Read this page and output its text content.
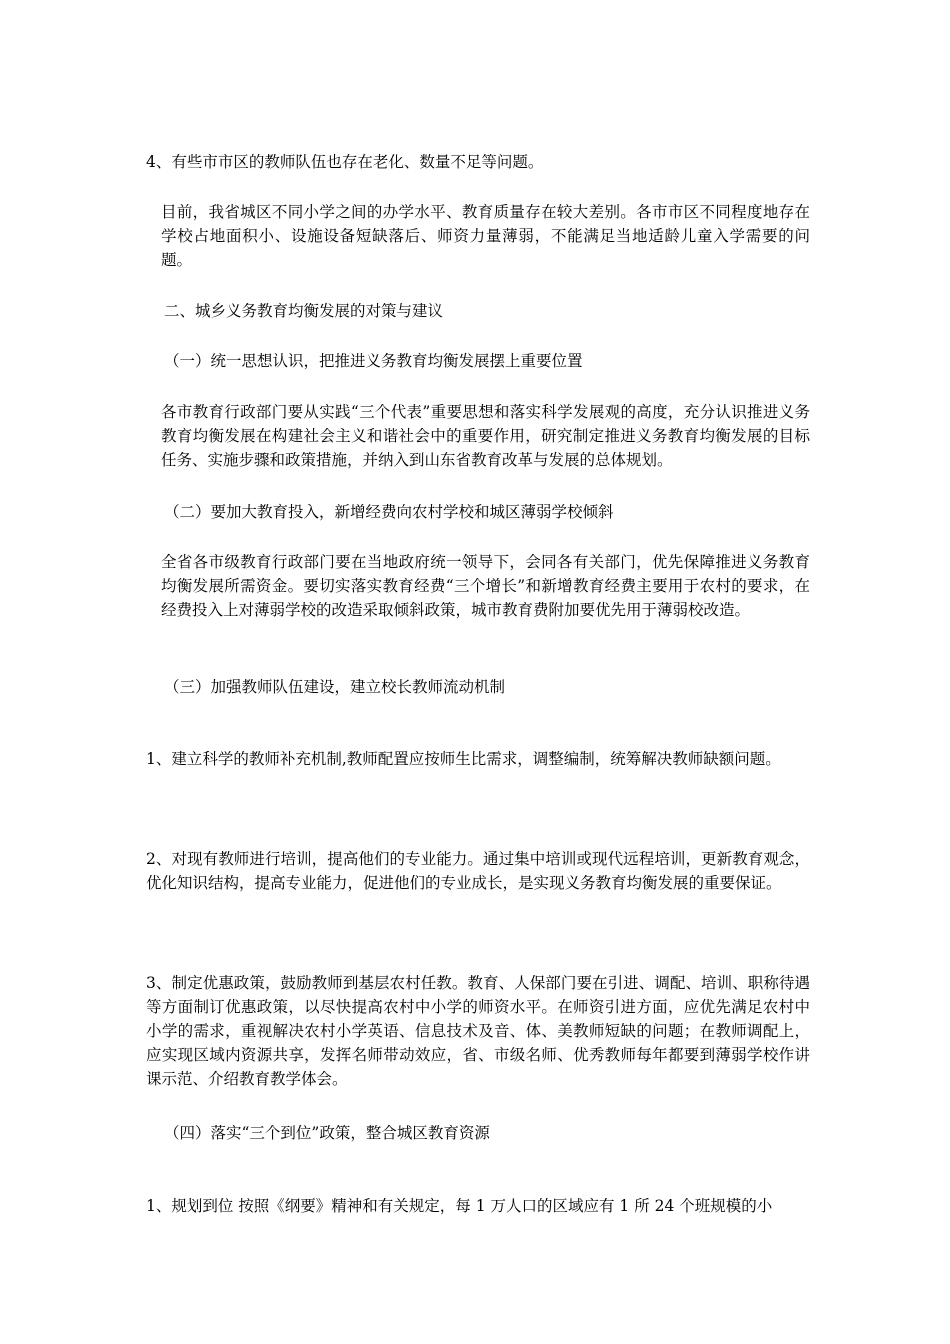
4、有些市市区的教师队伍也存在老化、数量不足等问题。

目前，我省城区不同小学之间的办学水平、教育质量存在较大差别。各市市区不同程度地存在学校占地面积小、设施设备短缺落后、师资力量薄弱，不能满足当地适龄儿童入学需要的问题。

二、城乡义务教育均衡发展的对策与建议

（一）统一思想认识，把推进义务教育均衡发展摆上重要位置

各市教育行政部门要从实践“三个代表”重要思想和落实科学发展观的高度，充分认识推进义务教育均衡发展在构建社会主义和谐社会中的重要作用，研究制定推进义务教育均衡发展的目标任务、实施步骤和政策措施，并纳入到山东省教育改革与发展的总体规划。

（二）要加大教育投入，新增经费向农村学校和城区薄弱学校倾斜

全省各市级教育行政部门要在当地政府统一领导下，会同各有关部门，优先保障推进义务教育均衡发展所需资金。要切实落实教育经费“三个增长”和新增教育经费主要用于农村的要求，在经费投入上对薄弱学校的改造采取倾斜政策，城市教育费附加要优先用于薄弱校改造。

（三）加强教师队伍建设，建立校长教师流动机制

1、建立科学的教师补充机制,教师配置应按师生比需求，调整编制，统筹解决教师缺额问题。

2、对现有教师进行培训，提高他们的专业能力。通过集中培训或现代远程培训，更新教育观念，优化知识结构，提高专业能力，促进他们的专业成长，是实现义务教育均衡发展的重要保证。

3、制定优惠政策，鼓励教师到基层农村任教。教育、人保部门要在引进、调配、培训、职称待遇等方面制订优惠政策，以尽快提高农村中小学的师资水平。在师资引进方面，应优先满足农村中小学的需求，重视解决农村小学英语、信息技术及音、体、美教师短缺的问题；在教师调配上，应实现区域内资源共享，发挥名师带动效应，省、市级名师、优秀教师每年都要到薄弱学校作讲课示范、介绍教育教学体会。

（四）落实“三个到位”政策，整合城区教育资源

1、规划到位 按照《纲要》精神和有关规定，每 1 万人口的区域应有 1 所 24 个班规模的小
